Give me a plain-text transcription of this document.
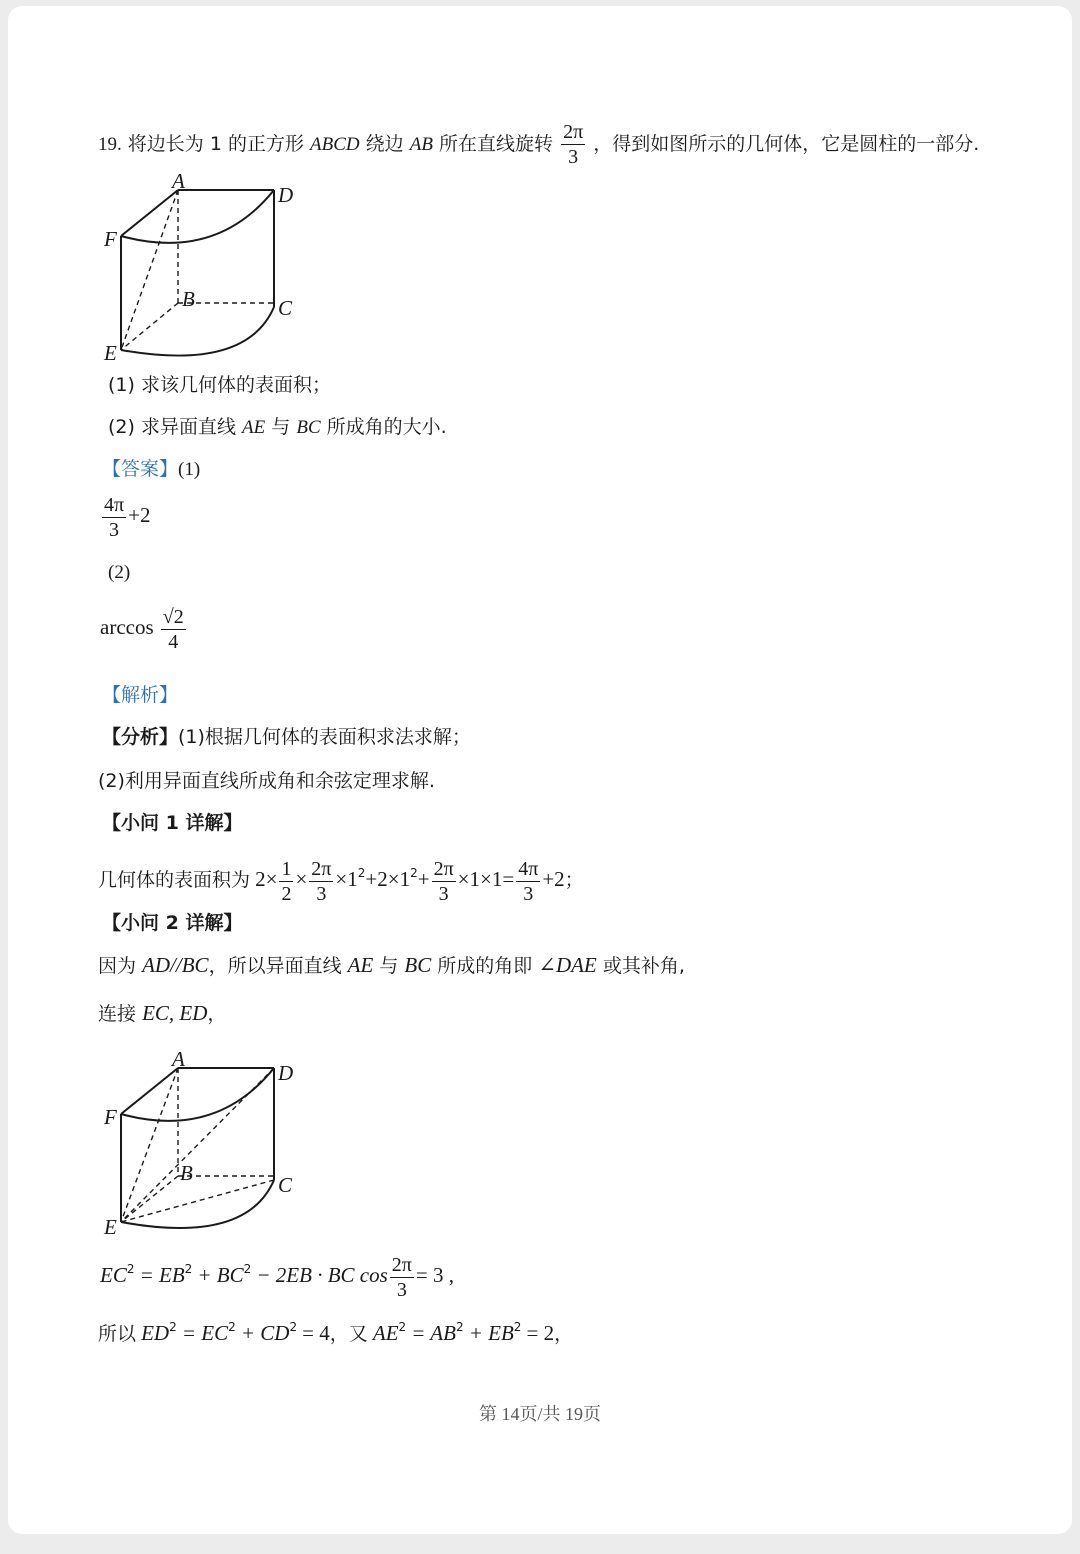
19. 将边长为 1 的正方形 ABCD 绕边 AB 所在直线旋转 $\frac{2\pi}{3}$ ，得到如图所示的几何体，它是圆柱的一部分.
A
D
F
B	C
E
(1) 求该几何体的表面积；
(2) 求异面直线 AE 与 BC 所成角的大小.
【答案】(1)
$\frac{4\pi}{3} +2$
(2)
$\arccos \frac{√2}{4}$
【解析】
【分析】(1)根据几何体的表面积求法求解；
(2)利用异面直线所成角和余弦定理求解.
【小问 1 详解】
几何体的表面积为 $2\times \frac{1}{2} \times \frac{2\pi}{3} \times 1^2+2\times 1^2+ \frac{2\pi}{3} \times 1\times 1= \frac{4\pi}{3} +2$；
【小问 2 详解】
因为 AD//BC，所以异面直线 AE 与 BC 所成的角即 ∠DAE 或其补角,
连接 EC, ED，
A
D
F
B	C
E
$EC^2 = EB^2 + BC^2 - 2EB$ · BC $\cos \frac{2\pi}{3} = 3$ ,
所以 $ED^2 = EC^2 + CD^2 = 4$，又 $AE^2 = AB^2 + EB^2 = 2$，
第 14页/共 19页
